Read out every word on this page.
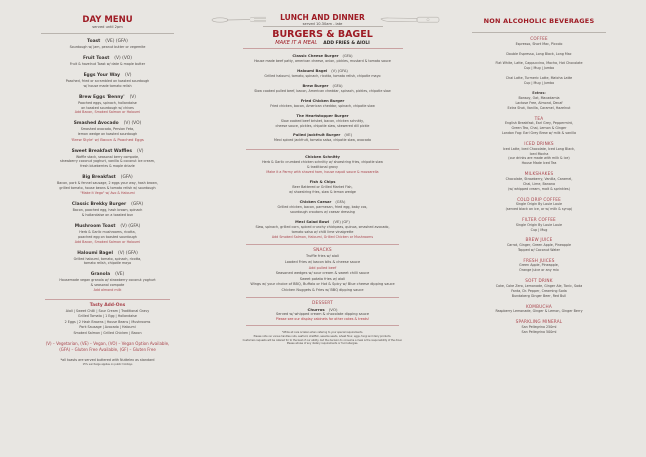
DAY MENU
served until 2pm
Toast (VE) (GFA)
Sourdough w/ jam, peanut butter or vegemite
Fruit Toast (V) (VO)
Fruit & hazelnut Toast w/ date & maple butter
Eggs Your Way (V)
Poached, fried or scrambled on toasted sourdough
w/ house made tomato relish
Brew Eggs 'Benny' (V)
Poached eggs, spinach, hollandaise
on toasted sourdough w/ chives
Add Bacon, Smoked Salmon or Haloumi
Smashed Avocado (V) (VO)
Smashed avocado, Persian Feta,
lemon wedge on toasted sourdough
'Brew Style' w/ Bacon & Poached Eggs
Sweet Breakfast Waffles (V)
Waffle stack, seasonal berry compote,
strawberry coconut yoghurt, vanilla & coconut ice cream,
fresh blueberries & maple drizzle
Big Breakfast (GFA)
Bacon, pork & fennel sausage, 2 eggs your way, hash brown,
grilled tomato, house beans & tomato relish w/ sourdough
"Make it Vego" w/ Avo & Haloumi
Classic Brekky Burger (GFA)
Bacon, poached egg, hash brown, spinach
& hollandaise on a toasted bun
Mushroom Toast (V) (GFA)
Herb & Garlic mushrooms, ricotta,
poached egg on toasted sourdough
Add Bacon, Smoked Salmon or Haloumi
Haloumi Bagel (V) (GFA)
Grilled haloumi, tomato, spinach, ricotta,
tomato relish, chipotle mayo
Granola (VE)
Housemade vegan granola w/ strawberry coconut yoghurt
& seasonal compote
Add almond milk
Tasty Add-Ons
Aioli | Sweet Chilli | Sour Cream | Traditional Gravy
Grilled Tomato | 1 Egg | Hollandaise
2 Eggs | 2 Hash Browns | House Beans | Mushrooms
Pork Sausage | Avocado | Haloumi
Smoked Salmon | Grilled Chicken | Bacon
(V) – Vegetarian, (VE) – Vegan, (VO) – Vegan Option Available,
(GFA) – Gluten Free Available, (GF) – Gluten Free
*all toasts are served buttered with Nuttelex as standard
15% surcharge applies on public holidays
LUNCH AND DINNER
served 10.30am - late
BURGERS & BAGEL
MAKE IT A MEAL ADD FRIES & AIOLI
Classic Cheese Burger (GFA)
House made beef patty, american cheese, onion, pickles, mustard & tomato sauce
Haloumi Bagel (V) (GFA)
Grilled haloumi, tomato, spinach, ricotta, tomato relish, chipotle mayo
Brew Burger (GFA)
Slow cooked pulled beef, bacon, American cheddar, spinach, pickles, chipotle slaw
Fried Chicken Burger
Fried chicken, bacon, American cheddar, spinach, chipotle slaw
The Heartstopper Burger
Slow cooked beef brisket, bacon, chicken schnitty,
cheese sauce, pickles, chipotle slaw, skewered dill pickle
Pulled Jackfruit Burger (VE)
Mexi spiced jackfruit, tomato salsa, chipotle slaw, avocado
Chicken Schnitty
Herb & Garlic crumbed chicken schnitty w/ shoestring fries, chipotle slaw
& traditional gravy
Make it a Parmy with shaved ham, house napoli sauce & mozzarella
Fish & Chips
Beer Battered or Grilled Market Fish,
w/ shoestring fries, slaw & lemon wedge
Chicken Caesar (GFA)
Grilled chicken, bacon, parmesan, fried egg, baby cos,
sourdough croutons w/ caesar dressing
Mexi Salad Bowl (VE) (GF)
Slaw, spinach, grilled corn, spiced crunchy chickpeas, quinoa, smashed avocado,
tomato salsa w/ chilli lime vinaigrette
Add Smoked Salmon, Haloumi, Grilled Chicken or Mushrooms
SNACKS
Truffle fries w/ aioli
Loaded Fries w/ bacon bits & cheese sauce
Add pulled beef
Seasoned wedges w/ sour cream & sweet chilli sauce
Sweet potato fries w/ aioli
Wings w/ your choice of BBQ, Buffalo or Hot & Spicy w/ Blue cheese dipping sauce
Chicken Nuggets & Fries w/ BBQ dipping sauce
DESSERT
Churros (VO)
Served w/ whipped cream & chocolate dipping sauce
Please see our display cabinets for other cakes & treats!
*While all care is taken when catering to your special requirements.
Please note our venue handles nuts, seafood, shellfish, sesame seeds, wheat flour, eggs, fungi and dairy products.
Customers requests will be catered for to the best of our ability, but the decision to consume a meal is the responsibility of the diner.
Please advise of any dietary requirements or food allergies.
NON ALCOHOLIC BEVERAGES
COFFEE
Espresso, Short Mac, Piccolo
Double Espresso, Long Black, Long Mac
Flat White, Latte, Cappuccino, Mocha, Hot Chocolate
Cup | Mug | Jumbo
Chai Latte, Turmeric Latte, Matcha Latte
Cup | Mug | Jumbo
Extras:
Bonsoy, Oat, Macadamia
Lactose Free, Almond, Decaf
Extra Shot, Vanilla, Caramel, Hazelnut
TEA
English Breakfast, Earl Grey, Peppermint,
Green Tea, Chai, Lemon & Ginger
London Fog: Earl Grey Brew w/ milk & vanilla
ICED DRINKS
Iced Latte, Iced Chocolate, Iced Long Black,
Iced Mocha
(our drinks are made with milk & ice)
House Made Iced Tea
MILKSHAKES
Chocolate, Strawberry, Vanilla, Caramel,
Chai, Lime, Banana
(w/ whipped cream, malt & sprinkles)
COLD DRIP COFFEE
Single Origin By Louie Louie
(served black on ice, or w/ milk & syrup)
FILTER COFFEE
Single Origin By Louie Louie
Cup | Mug
BREW JUICE
Carrot, Ginger, Green Apple, Pineapple
Topped w/ Coconut Water
FRESH JUICES
Green Apple, Pineapple,
Orange Juice or any mix
SOFT DRINK
Coke, Coke Zero, Lemonade, Ginger Ale, Tonic, Soda
Fanta, Dr. Pepper, Creaming Soda
Bundaberg Ginger Beer, Red Bull
KOMBUCHA
Raspberry Lemonade, Ginger & Lemon, Ginger Berry
SPARKLING MINERAL
San Pellegrino 250ml
San Pellegrino 500ml
